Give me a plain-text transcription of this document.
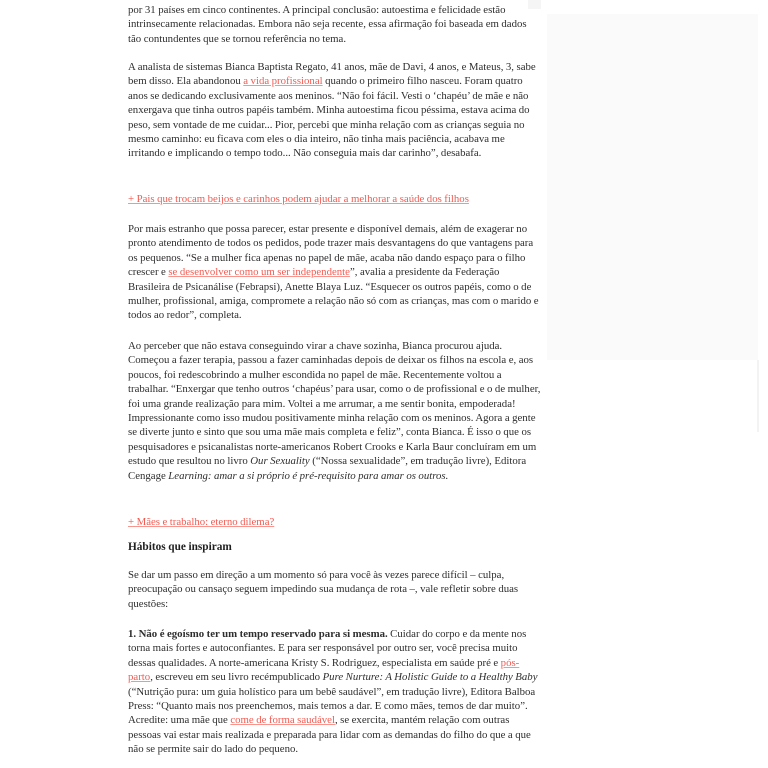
por 31 países em cinco continentes. A principal conclusão: autoestima e felicidade estão intrinsecamente relacionadas. Embora não seja recente, essa afirmação foi baseada em dados tão contundentes que se tornou referência no tema.

A analista de sistemas Bianca Baptista Regato, 41 anos, mãe de Davi, 4 anos, e Mateus, 3, sabe bem disso. Ela abandonou a vida profissional quando o primeiro filho nasceu. Foram quatro anos se dedicando exclusivamente aos meninos. “Não foi fácil. Vesti o ‘chapéu’ de mãe e não enxergava que tinha outros papéis também. Minha autoestima ficou péssima, estava acima do peso, sem vontade de me cuidar... Pior, percebi que minha relação com as crianças seguia no mesmo caminho: eu ficava com eles o dia inteiro, não tinha mais paciência, acabava me irritando e implicando o tempo todo... Não conseguia mais dar carinho”, desabafa.

+ Pais que trocam beijos e carinhos podem ajudar a melhorar a saúde dos filhos

Por mais estranho que possa parecer, estar presente e disponível demais, além de exagerar no pronto atendimento de todos os pedidos, pode trazer mais desvantagens do que vantagens para os pequenos. “Se a mulher fica apenas no papel de mãe, acaba não dando espaço para o filho crescer e se desenvolver como um ser independente”, avalia a presidente da Federação Brasileira de Psicanálise (Febrapsi), Anette Blaya Luz. “Esquecer os outros papéis, como o de mulher, profissional, amiga, compromete a relação não só com as crianças, mas com o marido e todos ao redor”, completa.

Ao perceber que não estava conseguindo virar a chave sozinha, Bianca procurou ajuda. Começou a fazer terapia, passou a fazer caminhadas depois de deixar os filhos na escola e, aos poucos, foi redescobrindo a mulher escondida no papel de mãe. Recentemente voltou a trabalhar. “Enxergar que tenho outros ‘chapéus’ para usar, como o de profissional e o de mulher, foi uma grande realização para mim. Voltei a me arrumar, a me sentir bonita, empoderada! Impressionante como isso mudou positivamente minha relação com os meninos. Agora a gente se diverte junto e sinto que sou uma mãe mais completa e feliz”, conta Bianca. É isso o que os pesquisadores e psicanalistas norte-americanos Robert Crooks e Karla Baur concluíram em um estudo que resultou no livro Our Sexuality (“Nossa sexualidade”, em tradução livre), Editora Cengage Learning: amar a si próprio é pré-requisito para amar os outros.

+ Mães e trabalho: eterno dilema?

Hábitos que inspiram

Se dar um passo em direção a um momento só para você às vezes parece difícil – culpa, preocupação ou cansaço seguem impedindo sua mudança de rota –, vale refletir sobre duas questões:

1. Não é egoísmo ter um tempo reservado para si mesma. Cuidar do corpo e da mente nos torna mais fortes e autoconfiantes. E para ser responsável por outro ser, você precisa muito dessas qualidades. A norte-americana Kristy S. Rodriguez, especialista em saúde pré e pós-parto, escreveu em seu livro recémpublicado Pure Nurture: A Holistic Guide to a Healthy Baby (“Nutrição pura: um guia holístico para um bebê saudável”, em tradução livre), Editora Balboa Press: “Quanto mais nos preenchemos, mais temos a dar. E como mães, temos de dar muito”. Acredite: uma mãe que come de forma saudável, se exercita, mantém relação com outras pessoas vai estar mais realizada e preparada para lidar com as demandas do filho do que a que não se permite sair do lado do pequeno.
